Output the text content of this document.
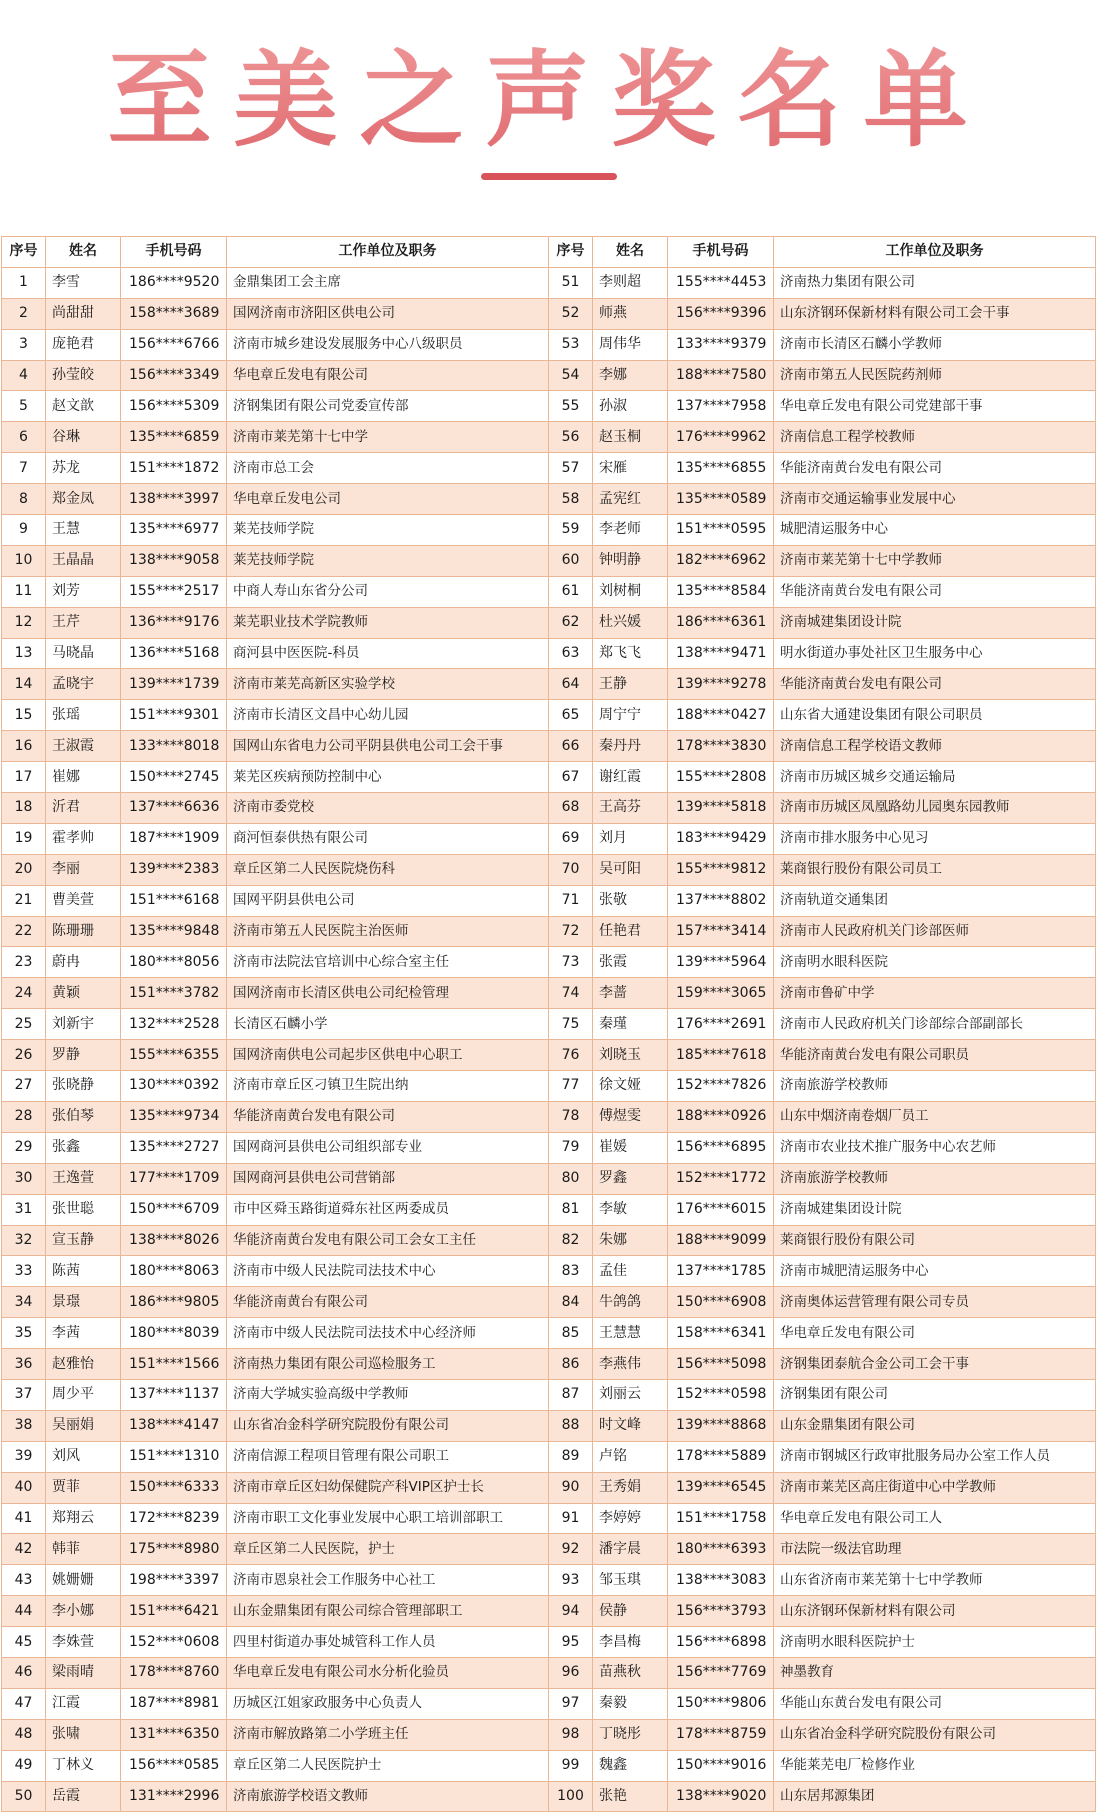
至美之声奖名单
序号	姓名	手机号码	工作单位及职务	序号	姓名	手机号码	工作单位及职务
1	李雪	186****9520	金鼎集团工会主席	51	李则超	155****4453	济南热力集团有限公司
2	尚甜甜	158****3689	国网济南市济阳区供电公司	52	师燕	156****9396	山东济钢环保新材料有限公司工会干事
3	庞艳君	156****6766	济南市城乡建设发展服务中心八级职员	53	周伟华	133****9379	济南市长清区石麟小学教师
4	孙莹皎	156****3349	华电章丘发电有限公司	54	李娜	188****7580	济南市第五人民医院药剂师
5	赵文歆	156****5309	济钢集团有限公司党委宣传部	55	孙淑	137****7958	华电章丘发电有限公司党建部干事
6	谷琳	135****6859	济南市莱芜第十七中学	56	赵玉桐	176****9962	济南信息工程学校教师
7	苏龙	151****1872	济南市总工会	57	宋雁	135****6855	华能济南黄台发电有限公司
8	郑金凤	138****3997	华电章丘发电公司	58	孟宪红	135****0589	济南市交通运输事业发展中心
9	王慧	135****6977	莱芜技师学院	59	李老师	151****0595	城肥清运服务中心
10	王晶晶	138****9058	莱芜技师学院	60	钟明静	182****6962	济南市莱芜第十七中学教师
11	刘芳	155****2517	中商人寿山东省分公司	61	刘树桐	135****8584	华能济南黄台发电有限公司
12	王芹	136****9176	莱芜职业技术学院教师	62	杜兴媛	186****6361	济南城建集团设计院
13	马晓晶	136****5168	商河县中医医院-科员	63	郑飞飞	138****9471	明水街道办事处社区卫生服务中心
14	孟晓宇	139****1739	济南市莱芜高新区实验学校	64	王静	139****9278	华能济南黄台发电有限公司
15	张瑶	151****9301	济南市长清区文昌中心幼儿园	65	周宁宁	188****0427	山东省大通建设集团有限公司职员
16	王淑霞	133****8018	国网山东省电力公司平阴县供电公司工会干事	66	秦丹丹	178****3830	济南信息工程学校语文教师
17	崔娜	150****2745	莱芜区疾病预防控制中心	67	谢红霞	155****2808	济南市历城区城乡交通运输局
18	沂君	137****6636	济南市委党校	68	王高芬	139****5818	济南市历城区凤凰路幼儿园奥东园教师
19	霍孝帅	187****1909	商河恒泰供热有限公司	69	刘月	183****9429	济南市排水服务中心见习
20	李丽	139****2383	章丘区第二人民医院烧伤科	70	吴可阳	155****9812	莱商银行股份有限公司员工
21	曹美萱	151****6168	国网平阴县供电公司	71	张敬	137****8802	济南轨道交通集团
22	陈珊珊	135****9848	济南市第五人民医院主治医师	72	任艳君	157****3414	济南市人民政府机关门诊部医师
23	蔚冉	180****8056	济南市法院法官培训中心综合室主任	73	张霞	139****5964	济南明水眼科医院
24	黄颖	151****3782	国网济南市长清区供电公司纪检管理	74	李蔷	159****3065	济南市鲁矿中学
25	刘新宇	132****2528	长清区石麟小学	75	秦瑾	176****2691	济南市人民政府机关门诊部综合部副部长
26	罗静	155****6355	国网济南供电公司起步区供电中心职工	76	刘晓玉	185****7618	华能济南黄台发电有限公司职员
27	张晓静	130****0392	济南市章丘区刁镇卫生院出纳	77	徐文娅	152****7826	济南旅游学校教师
28	张伯琴	135****9734	华能济南黄台发电有限公司	78	傅煜雯	188****0926	山东中烟济南卷烟厂员工
29	张鑫	135****2727	国网商河县供电公司组织部专业	79	崔媛	156****6895	济南市农业技术推广服务中心农艺师
30	王逸萱	177****1709	国网商河县供电公司营销部	80	罗鑫	152****1772	济南旅游学校教师
31	张世聪	150****6709	市中区舜玉路街道舜东社区两委成员	81	李敏	176****6015	济南城建集团设计院
32	宣玉静	138****8026	华能济南黄台发电有限公司工会女工主任	82	朱娜	188****9099	莱商银行股份有限公司
33	陈茜	180****8063	济南市中级人民法院司法技术中心	83	孟佳	137****1785	济南市城肥清运服务中心
34	景璟	186****9805	华能济南黄台有限公司	84	牛鸽鸽	150****6908	济南奥体运营管理有限公司专员
35	李茜	180****8039	济南市中级人民法院司法技术中心经济师	85	王慧慧	158****6341	华电章丘发电有限公司
36	赵雅怡	151****1566	济南热力集团有限公司巡检服务工	86	李燕伟	156****5098	济钢集团泰航合金公司工会干事
37	周少平	137****1137	济南大学城实验高级中学教师	87	刘丽云	152****0598	济钢集团有限公司
38	吴丽娟	138****4147	山东省冶金科学研究院股份有限公司	88	时文峰	139****8868	山东金鼎集团有限公司
39	刘风	151****1310	济南信源工程项目管理有限公司职工	89	卢铭	178****5889	济南市钢城区行政审批服务局办公室工作人员
40	贾菲	150****6333	济南市章丘区妇幼保健院产科VIP区护士长	90	王秀娟	139****6545	济南市莱芜区高庄街道中心中学教师
41	郑翔云	172****8239	济南市职工文化事业发展中心职工培训部职工	91	李婷婷	151****1758	华电章丘发电有限公司工人
42	韩菲	175****8980	章丘区第二人民医院，护士	92	潘字晨	180****6393	市法院一级法官助理
43	姚姗姗	198****3397	济南市恩泉社会工作服务中心社工	93	邹玉琪	138****3083	山东省济南市莱芜第十七中学教师
44	李小娜	151****6421	山东金鼎集团有限公司综合管理部职工	94	侯静	156****3793	山东济钢环保新材料有限公司
45	李姝萱	152****0608	四里村街道办事处城管科工作人员	95	李昌梅	156****6898	济南明水眼科医院护士
46	梁雨晴	178****8760	华电章丘发电有限公司水分析化验员	96	苗燕秋	156****7769	神墨教育
47	江霞	187****8981	历城区江姐家政服务中心负责人	97	秦毅	150****9806	华能山东黄台发电有限公司
48	张啸	131****6350	济南市解放路第二小学班主任	98	丁晓彤	178****8759	山东省冶金科学研究院股份有限公司
49	丁林义	156****0585	章丘区第二人民医院护士	99	魏鑫	150****9016	华能莱芜电厂检修作业
50	岳霞	131****2996	济南旅游学校语文教师	100	张艳	138****9020	山东居邦源集团
